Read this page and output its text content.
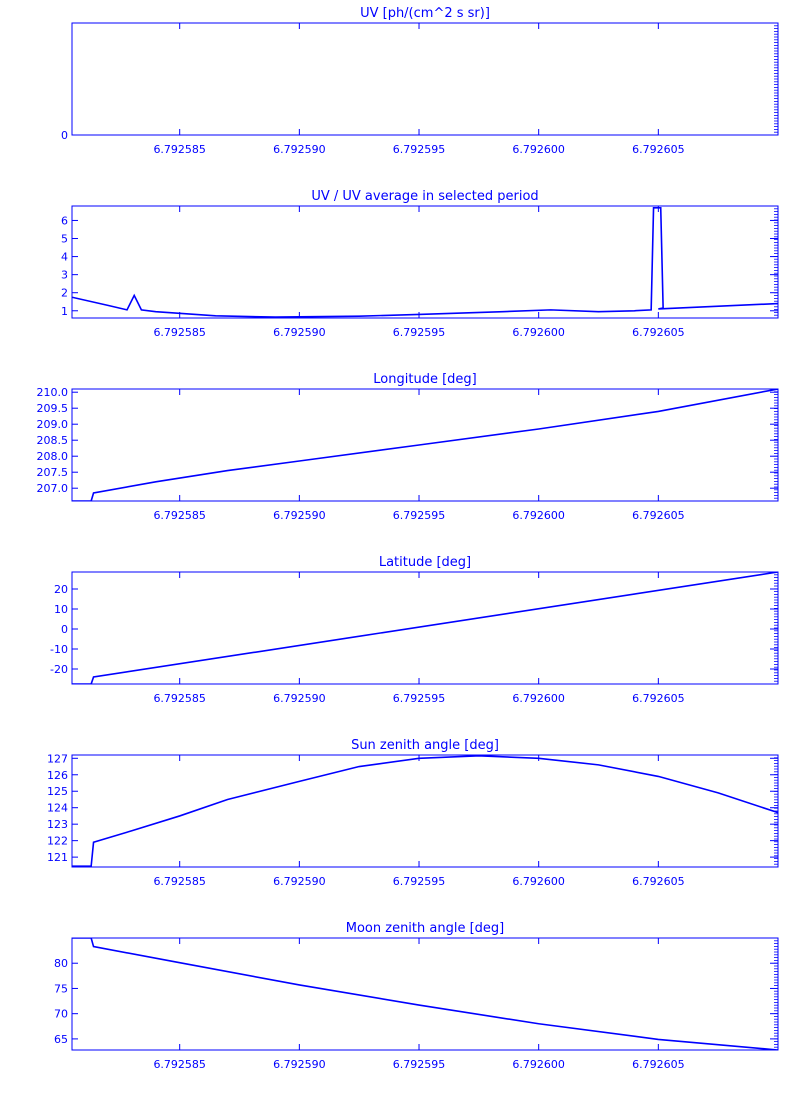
UV [ph/(cm^2 s sr)]
0
6.792585	6.792590	6.792595	6.792600	6.792605
UV / UV average in selected period
1
2
3
4
5
6
6.792585	6.792590	6.792595	6.792600	6.792605
Longitude [deg]
207.0
207.5
208.0
208.5
209.0
209.5
210.0
6.792585	6.792590	6.792595	6.792600	6.792605
Latitude [deg]
-20
-10
0
10
20
6.792585	6.792590	6.792595	6.792600	6.792605
Sun zenith angle [deg]
121
122
123
124
125
126
127
6.792585	6.792590	6.792595	6.792600	6.792605
Moon zenith angle [deg]
65
70
75
80
6.792585	6.792590	6.792595	6.792600	6.792605
